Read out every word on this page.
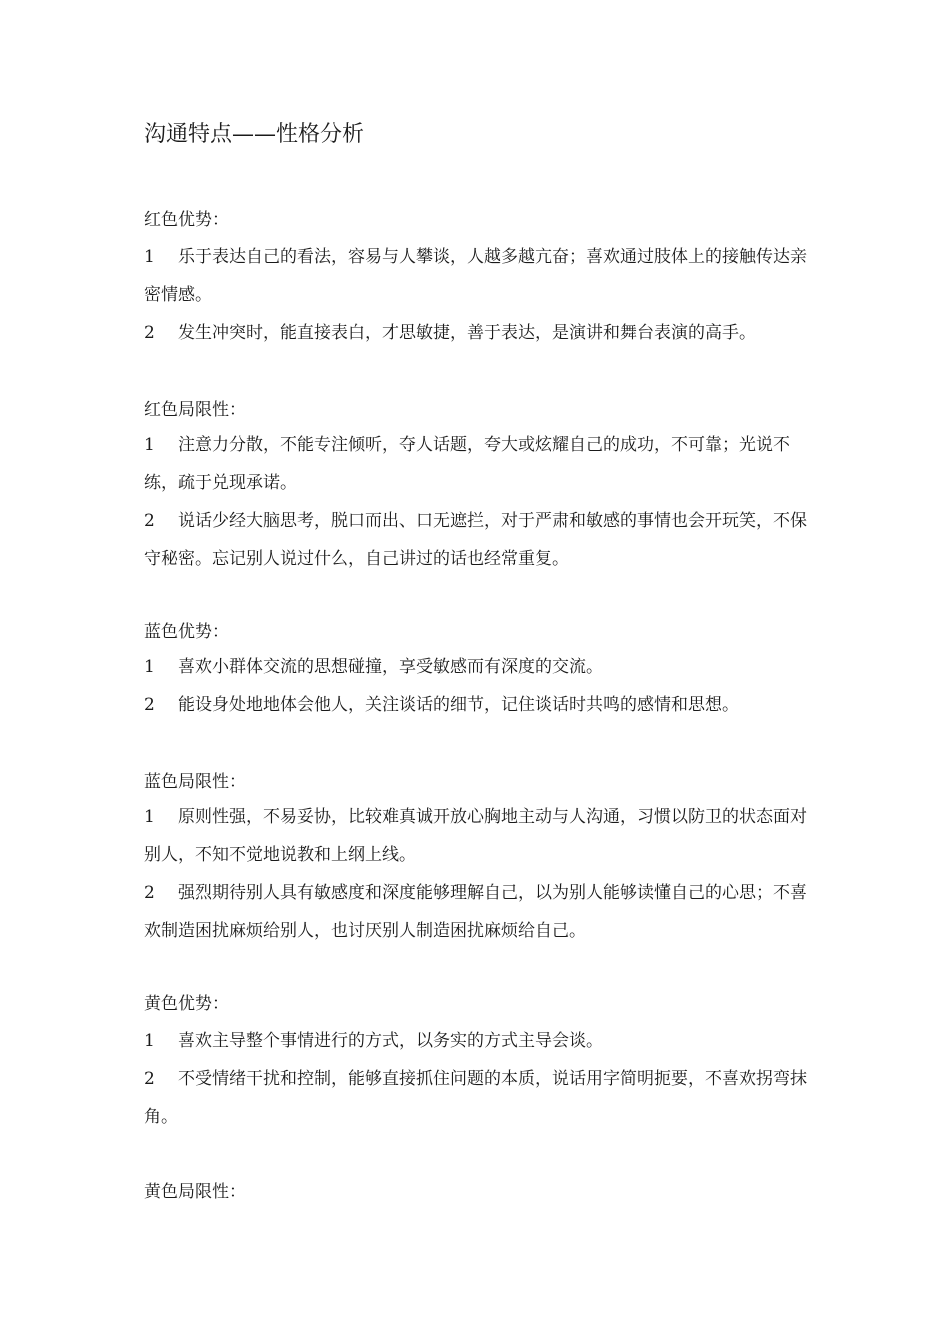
沟通特点——性格分析
红色优势：
1 乐于表达自己的看法，容易与人攀谈，人越多越亢奋；喜欢通过肢体上的接触传达亲密情感。
2 发生冲突时，能直接表白，才思敏捷，善于表达，是演讲和舞台表演的高手。
红色局限性：
1 注意力分散，不能专注倾听，夺人话题，夸大或炫耀自己的成功，不可靠；光说不练，疏于兑现承诺。
2 说话少经大脑思考，脱口而出、口无遮拦，对于严肃和敏感的事情也会开玩笑，不保守秘密。忘记别人说过什么，自己讲过的话也经常重复。
蓝色优势：
1 喜欢小群体交流的思想碰撞，享受敏感而有深度的交流。
2 能设身处地地体会他人，关注谈话的细节，记住谈话时共鸣的感情和思想。
蓝色局限性：
1 原则性强，不易妥协，比较难真诚开放心胸地主动与人沟通，习惯以防卫的状态面对别人，不知不觉地说教和上纲上线。
2 强烈期待别人具有敏感度和深度能够理解自己，以为别人能够读懂自己的心思；不喜欢制造困扰麻烦给别人，也讨厌别人制造困扰麻烦给自己。
黄色优势：
1 喜欢主导整个事情进行的方式，以务实的方式主导会谈。
2 不受情绪干扰和控制，能够直接抓住问题的本质，说话用字简明扼要，不喜欢拐弯抹角。
黄色局限性：
